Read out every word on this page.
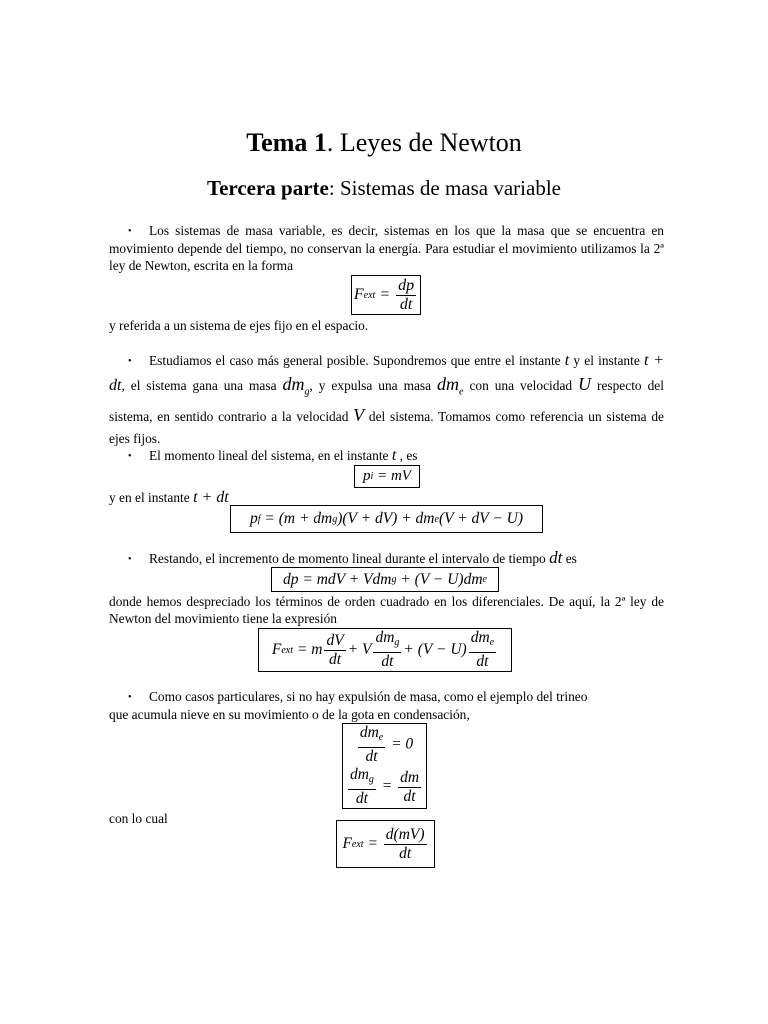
Tema 1. Leyes de Newton
Tercera parte: Sistemas de masa variable

• Los sistemas de masa variable, es decir, sistemas en los que la masa que se encuentra en movimiento depende del tiempo, no conservan la energía. Para estudiar el movimiento utilizamos la 2ª ley de Newton, escrita en la forma

F ext = $\frac{dp}{dt}$
y referida a un sistema de ejes fijo en el espacio.

• Estudiamos el caso más general posible. Supondremos que entre el instante t y el instante t + dt, el sistema gana una masa $dm_g$, y expulsa una masa $dm_e$ con una velocidad U respecto del sistema, en sentido contrario a la velocidad V del sistema. Tomamos como referencia un sistema de ejes fijos.

• El momento lineal del sistema, en el instante t , es
p i
= mV
y en el instante t + dt
p f
= (m + dm g )(V + dV) + dm e (V + dV − U)
• Restando, el incremento de momento lineal durante el intervalo de tiempo dt es
dp = mdV + Vdm g
+ (V − U)dm e

donde hemos despreciado los términos de orden cuadrado en los diferenciales. De aquí, la 2ª ley de Newton del movimiento tiene la expresión

F ext = m $\frac{dV}{dt} + V \frac{dm_g}{dt} + (V - U) \frac{dm_e}{dt}$
• Como casos particulares, si no hay expulsión de masa, como el ejemplo del trineo
que acumula nieve en su movimiento o de la gota en condensación,
$\frac{dm_e}{dt} = 0$
$\frac{dm_g}{dt} = \frac{dm}{dt}$
con lo cual
F ext = $\frac{d(mV)}{dt}$
